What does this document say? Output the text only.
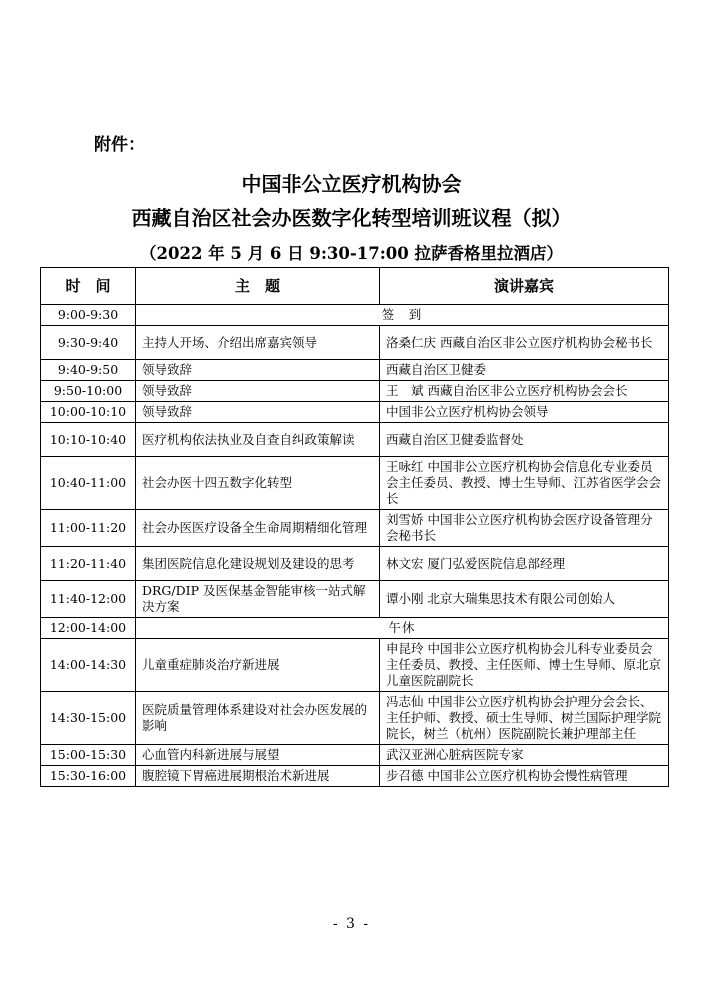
附件：
中国非公立医疗机构协会
西藏自治区社会办医数字化转型培训班议程（拟）
（2022 年 5 月 6 日 9:30-17:00 拉萨香格里拉酒店）
时　间	主　题	演讲嘉宾
9:00-9:30	签　到	
9:30-9:40	主持人开场、介绍出席嘉宾领导	洛桑仁庆 西藏自治区非公立医疗机构协会秘书长
9:40-9:50	领导致辞	西藏自治区卫健委
9:50-10:00	领导致辞	王　斌 西藏自治区非公立医疗机构协会会长
10:00-10:10	领导致辞	中国非公立医疗机构协会领导
10:10-10:40	医疗机构依法执业及自查自纠政策解读	西藏自治区卫健委监督处
10:40-11:00	社会办医十四五数字化转型	王咏红 中国非公立医疗机构协会信息化专业委员会主任委员、教授、博士生导师、江苏省医学会会长
11:00-11:20	社会办医医疗设备全生命周期精细化管理	刘雪娇 中国非公立医疗机构协会医疗设备管理分会秘书长
11:20-11:40	集团医院信息化建设规划及建设的思考	林文宏 厦门弘爱医院信息部经理
11:40-12:00	DRG/DIP 及医保基金智能审核一站式解决方案	谭小刚 北京大瑞集思技术有限公司创始人
12:00-14:00	午休	
14:00-14:30	儿童重症肺炎治疗新进展	申昆玲 中国非公立医疗机构协会儿科专业委员会主任委员、教授、主任医师、博士生导师、原北京儿童医院副院长
14:30-15:00	医院质量管理体系建设对社会办医发展的影响	冯志仙 中国非公立医疗机构协会护理分会会长、主任护师、教授、硕士生导师、树兰国际护理学院院长，树兰（杭州）医院副院长兼护理部主任
15:00-15:30	心血管内科新进展与展望	武汉亚洲心脏病医院专家
15:30-16:00	腹腔镜下胃癌进展期根治术新进展	步召德 中国非公立医疗机构协会慢性病管理
- 3 -
